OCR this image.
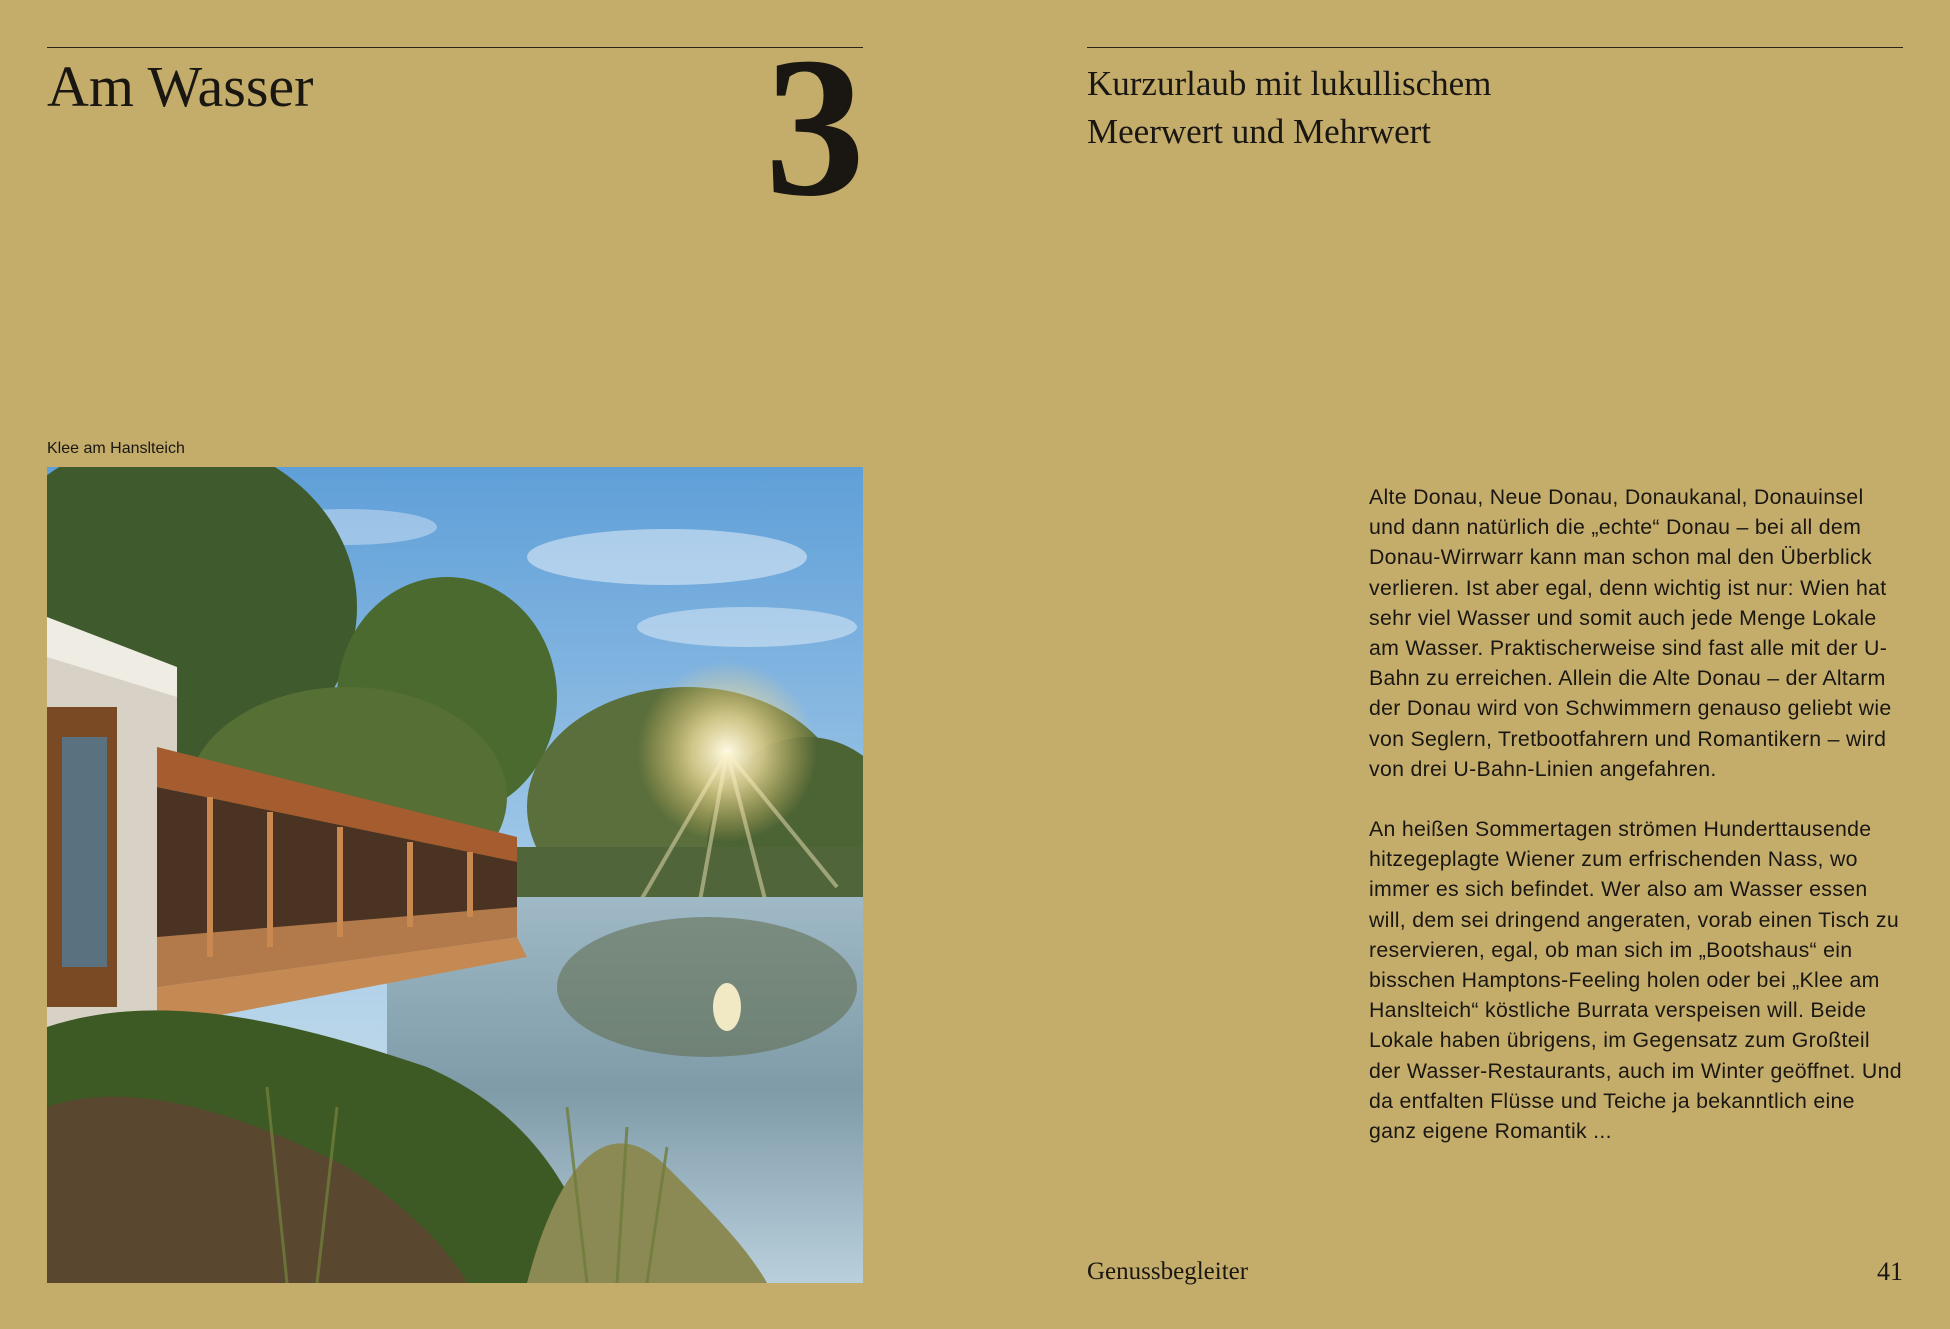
Am Wasser 3	Kurzurlaub mit lukullischem
Meerwert und Mehrwert
Klee am Hanslteich

Alte Donau, Neue Donau, Donaukanal, Donauinsel und dann natürlich die „echte“ Donau – bei all dem Donau-Wirrwarr kann man schon mal den Überblick verlieren. Ist aber egal, denn wichtig ist nur: Wien hat sehr viel Wasser und somit auch jede Menge Lokale am Wasser. Praktischerweise sind fast alle mit der U-Bahn zu erreichen. Allein die Alte Donau – der Altarm der Donau wird von Schwimmern genauso geliebt wie von Seglern, Tretbootfahrern und Romantikern – wird von drei U-Bahn-Linien angefahren.

An heißen Sommertagen strömen Hunderttausende hitzegeplagte Wiener zum erfrischenden Nass, wo immer es sich befindet. Wer also am Wasser essen will, dem sei dringend angeraten, vorab einen Tisch zu reservieren, egal, ob man sich im „Bootshaus“ ein bisschen Hamptons-Feeling holen oder bei „Klee am Hanslteich“ köstliche Burrata verspeisen will. Beide Lokale haben übrigens, im Gegensatz zum Großteil der Wasser-Restaurants, auch im Winter geöffnet. Und da entfalten Flüsse und Teiche ja bekanntlich eine ganz eigene Romantik ...

Genussbegleiter	41
